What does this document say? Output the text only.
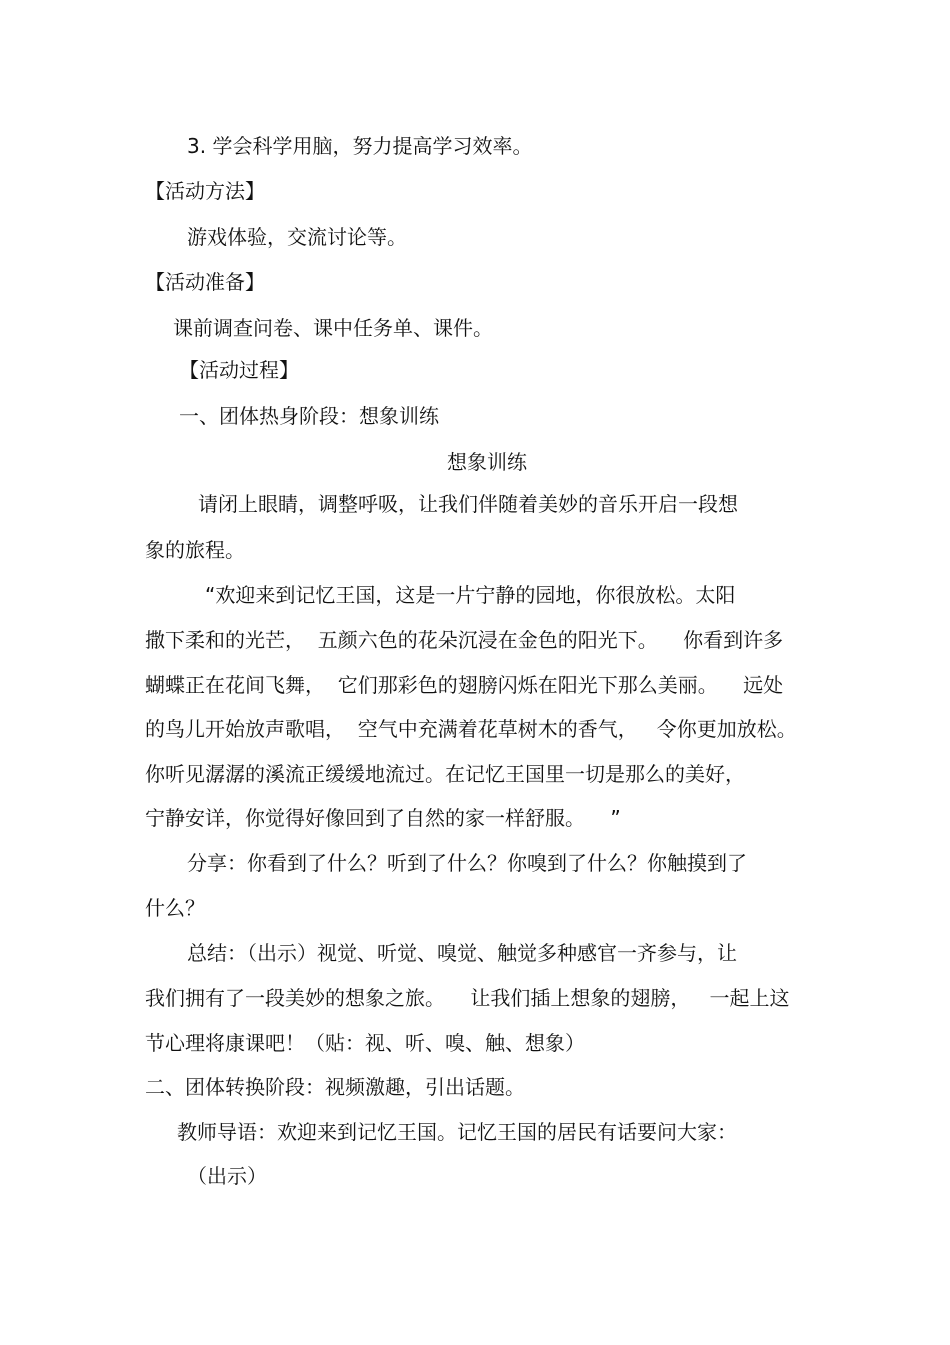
3. 学会科学用脑，努力提高学习效率。

【活动方法】

游戏体验，交流讨论等。

【活动准备】

课前调查问卷、课中任务单、课件。

【活动过程】

一、团体热身阶段：想象训练

想象训练

请闭上眼睛，调整呼吸，让我们伴随着美妙的音乐开启一段想

象的旅程。

“欢迎来到记忆王国，这是一片宁静的园地，你很放松。太阳

撒下柔和的光芒，  五颜六色的花朵沉浸在金色的阳光下。    你看到许多

蝴蝶正在花间飞舞，  它们那彩色的翅膀闪烁在阳光下那么美丽。    远处

的鸟儿开始放声歌唱，  空气中充满着花草树木的香气，   令你更加放松。

你听见潺潺的溪流正缓缓地流过。在记忆王国里一切是那么的美好，

宁静安详，你觉得好像回到了自然的家一样舒服。    ”

分享：你看到了什么？听到了什么？你嗅到了什么？你触摸到了

什么？

总结：（出示）视觉、听觉、嗅觉、触觉多种感官一齐参与，让

我们拥有了一段美妙的想象之旅。    让我们插上想象的翅膀，   一起上这

节心理将康课吧！（贴：视、听、嗅、触、想象）

二、团体转换阶段：视频激趣，引出话题。

教师导语：欢迎来到记忆王国。记忆王国的居民有话要问大家：

（出示）
